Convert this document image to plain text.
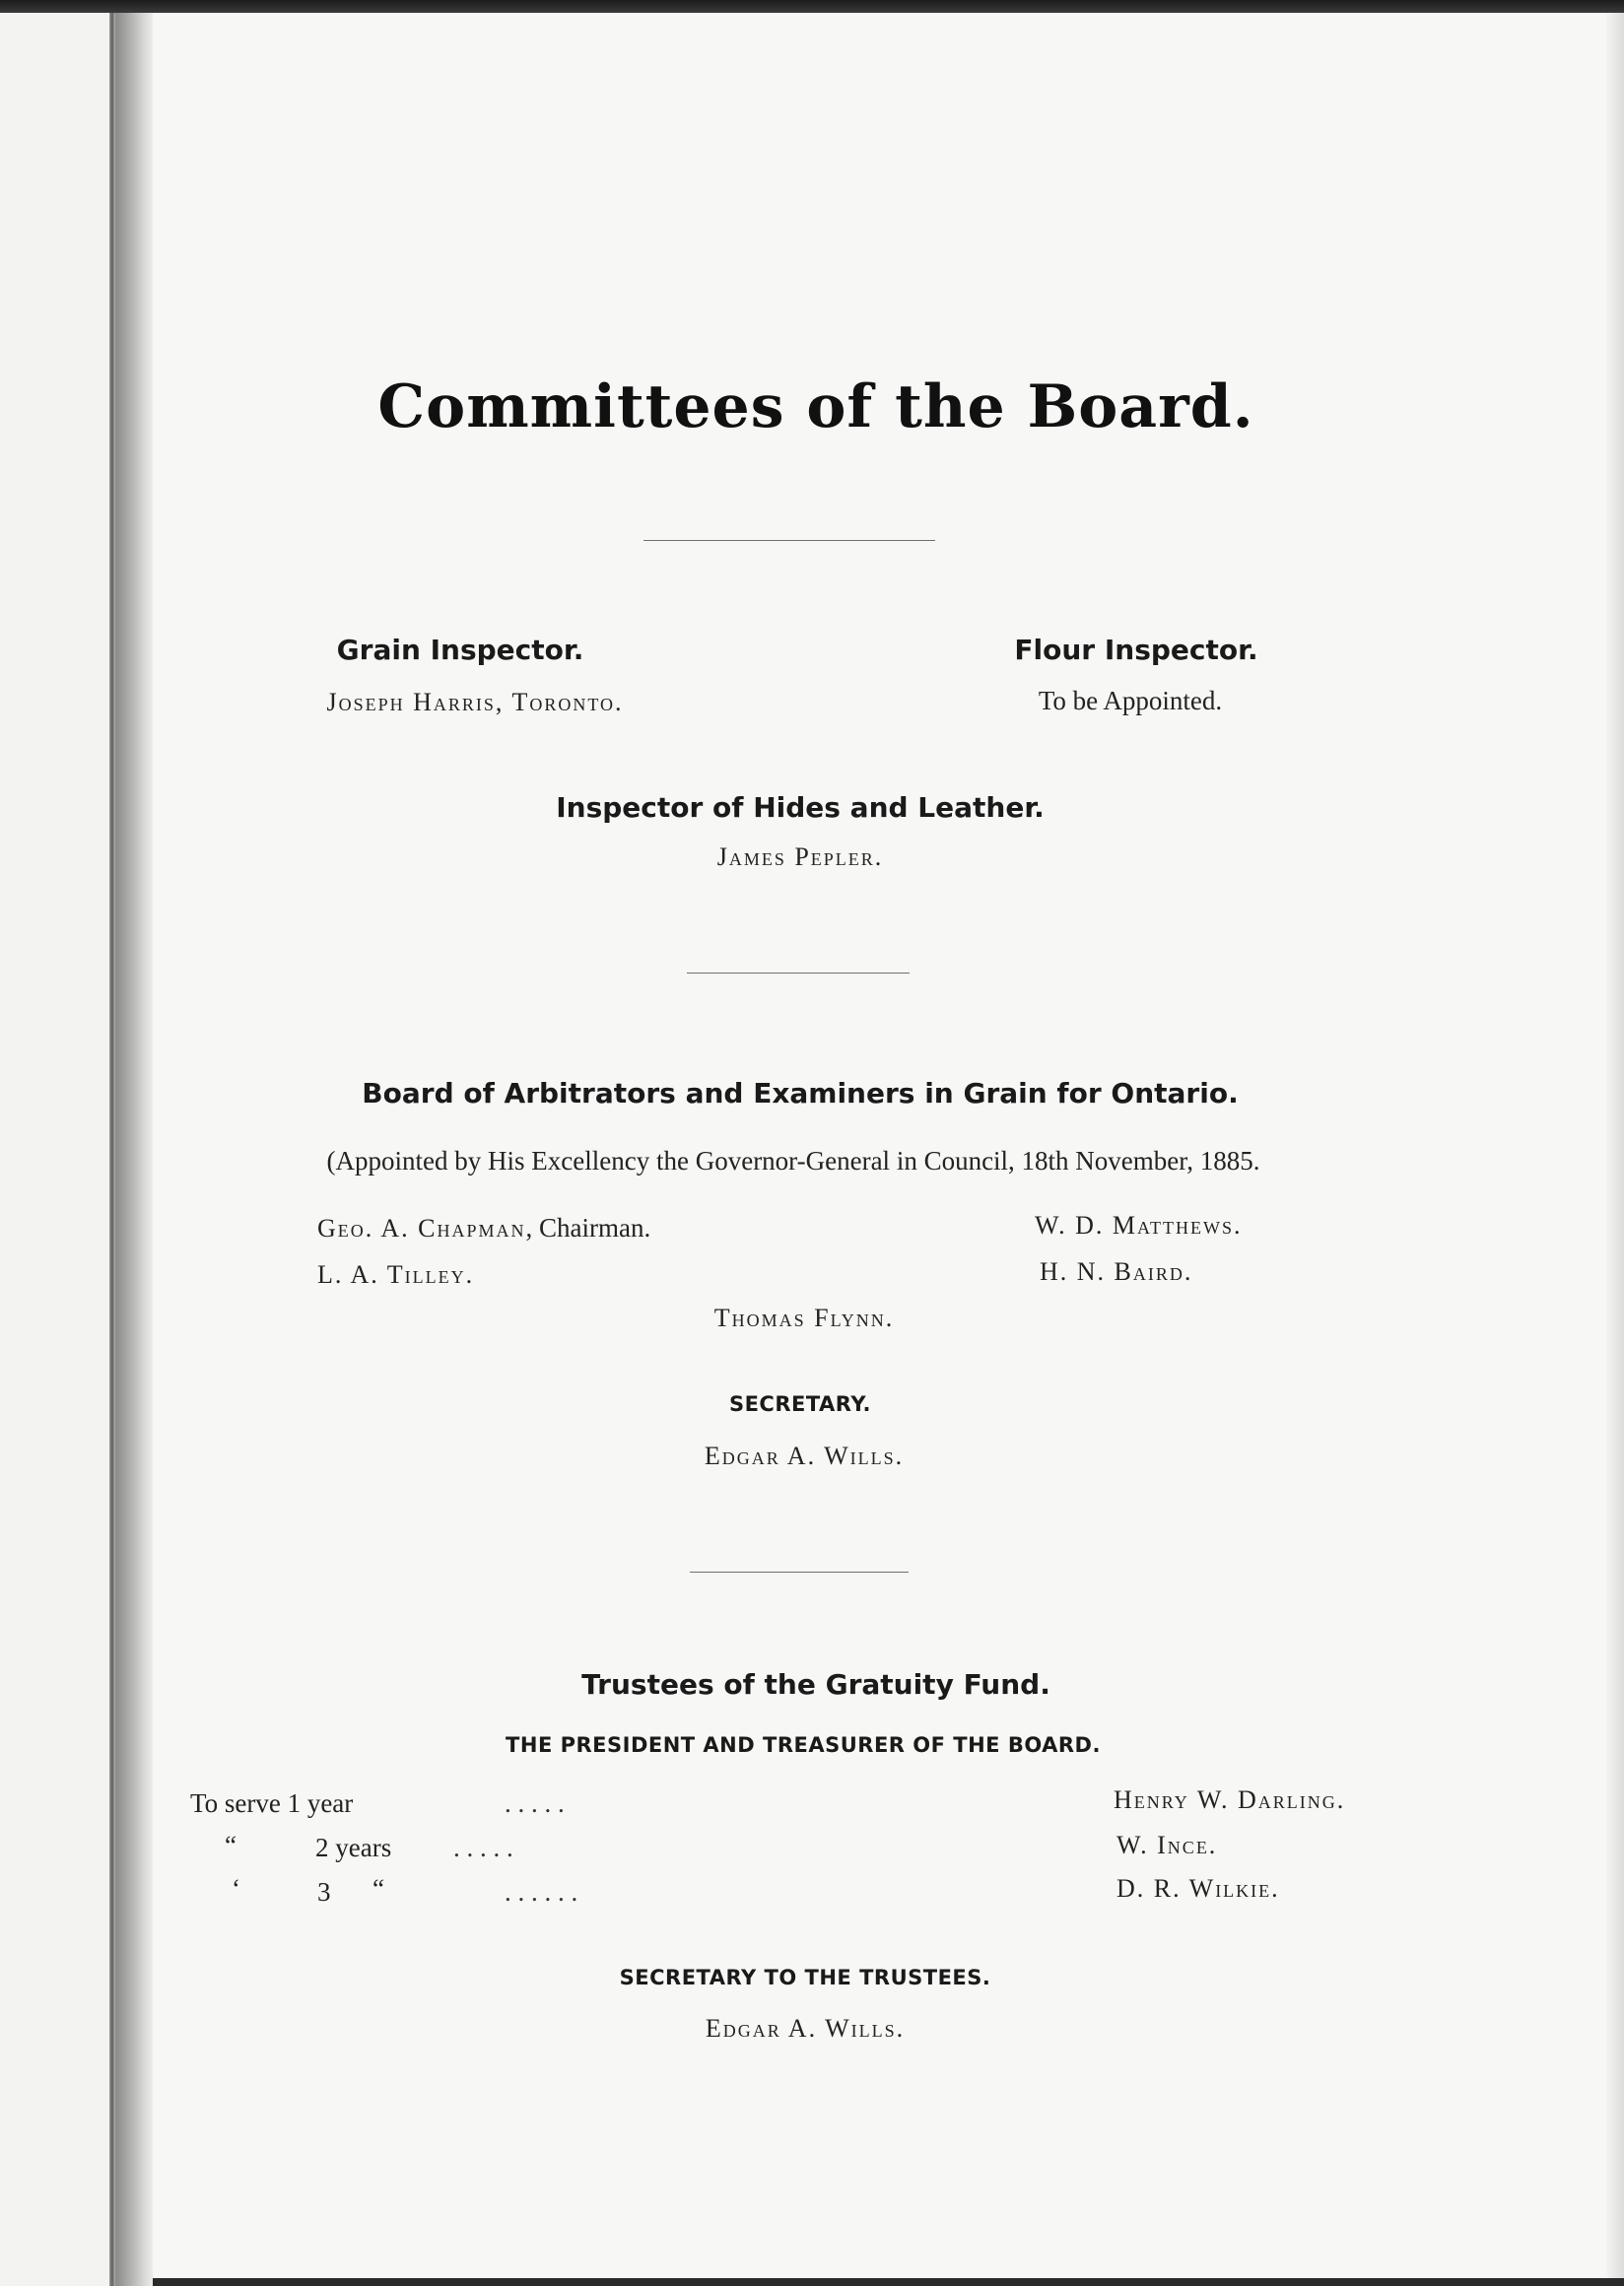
Committees of the Board.
Grain Inspector.
Joseph Harris, Toronto.
Flour Inspector.
To be Appointed.
Inspector of Hides and Leather.
James Pepler.
Board of Arbitrators and Examiners in Grain for Ontario.
(Appointed by His Excellency the Governor-General in Council, 18th November, 1885.
Geo. A. Chapman, Chairman.
L. A. Tilley.
W. D. Matthews.
H. N. Baird.
Thomas Flynn.
SECRETARY.
Edgar A. Wills.
Trustees of the Gratuity Fund.
THE PRESIDENT AND TREASURER OF THE BOARD.
To serve 1 year	. . . . .	Henry W. Darling.
“	2 years . . . . .	W. Ince.
‘	3 “	. . . . . .	D. R. Wilkie.
SECRETARY TO THE TRUSTEES.
Edgar A. Wills.
